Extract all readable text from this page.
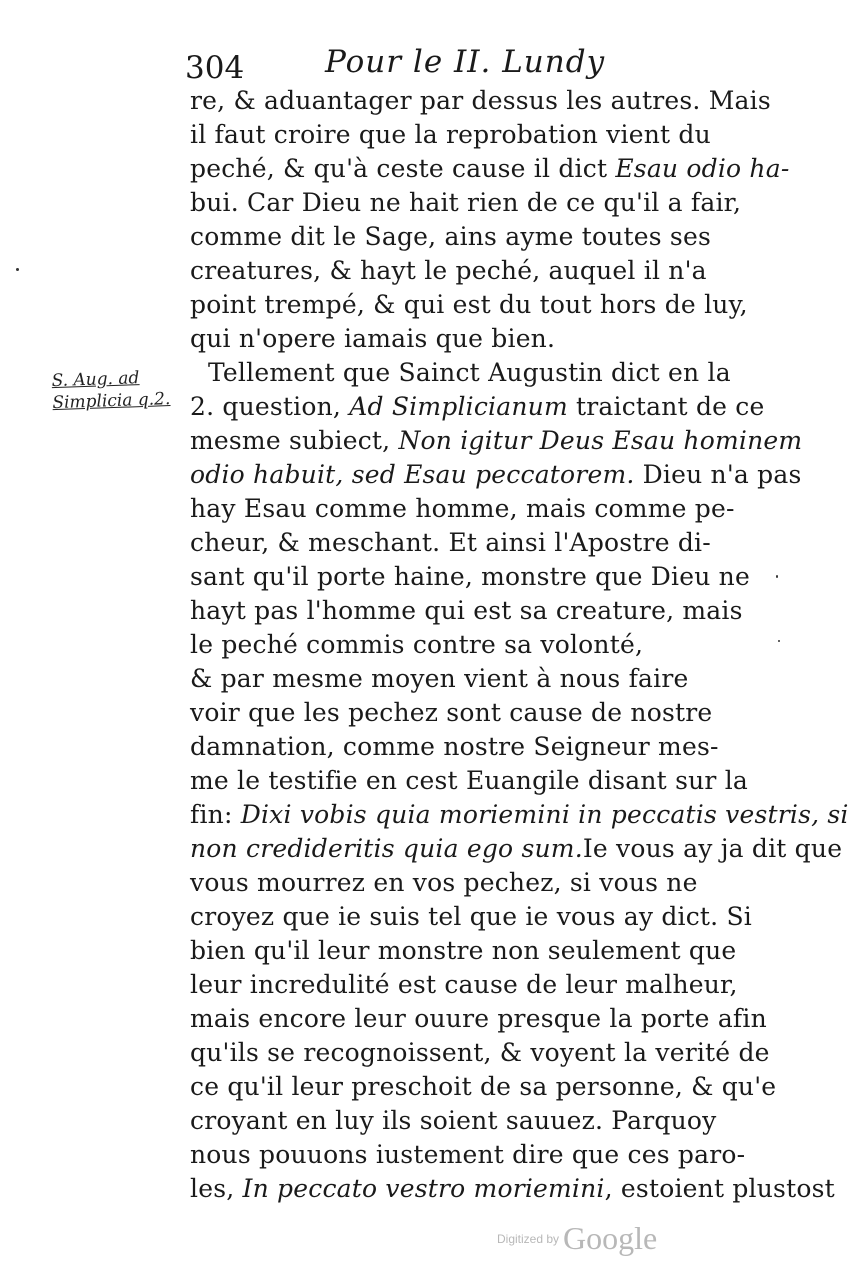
304	Pour le II. Lundy
S. Aug. ad
Simplicia q.2.
re, & aduantager par dessus les autres. Mais
il faut croire que la reprobation vient du
peché, & qu'à ceste cause il dict Esau odio ha-
bui. Car Dieu ne hait rien de ce qu'il a fair,
comme dit le Sage, ains ayme toutes ses
creatures, & hayt le peché, auquel il n'a
point trempé, & qui est du tout hors de luy,
qui n'opere iamais que bien.
Tellement que Sainct Augustin dict en la
2. question, Ad Simplicianum traictant de ce
mesme subiect, Non igitur Deus Esau hominem
odio habuit, sed Esau peccatorem. Dieu n'a pas
hay Esau comme homme, mais comme pe-
cheur, & meschant. Et ainsi l'Apostre di-
sant qu'il porte haine, monstre que Dieu ne
hayt pas l'homme qui est sa creature, mais
le peché commis contre sa volonté,
& par mesme moyen vient à nous faire
voir que les pechez sont cause de nostre
damnation, comme nostre Seigneur mes-
me le testifie en cest Euangile disant sur la
fin: Dixi vobis quia moriemini in peccatis vestris, si
non credideritis quia ego sum.Ie vous ay ja dit que
vous mourrez en vos pechez, si vous ne
croyez que ie suis tel que ie vous ay dict. Si
bien qu'il leur monstre non seulement que
leur incredulité est cause de leur malheur,
mais encore leur ouure presque la porte afin
qu'ils se recognoissent, & voyent la verité de
ce qu'il leur preschoit de sa personne, & qu'e
croyant en luy ils soient sauuez. Parquoy
nous pouuons iustement dire que ces paro-
les, In peccato vestro moriemini, estoient plustost
Digitized by Google
